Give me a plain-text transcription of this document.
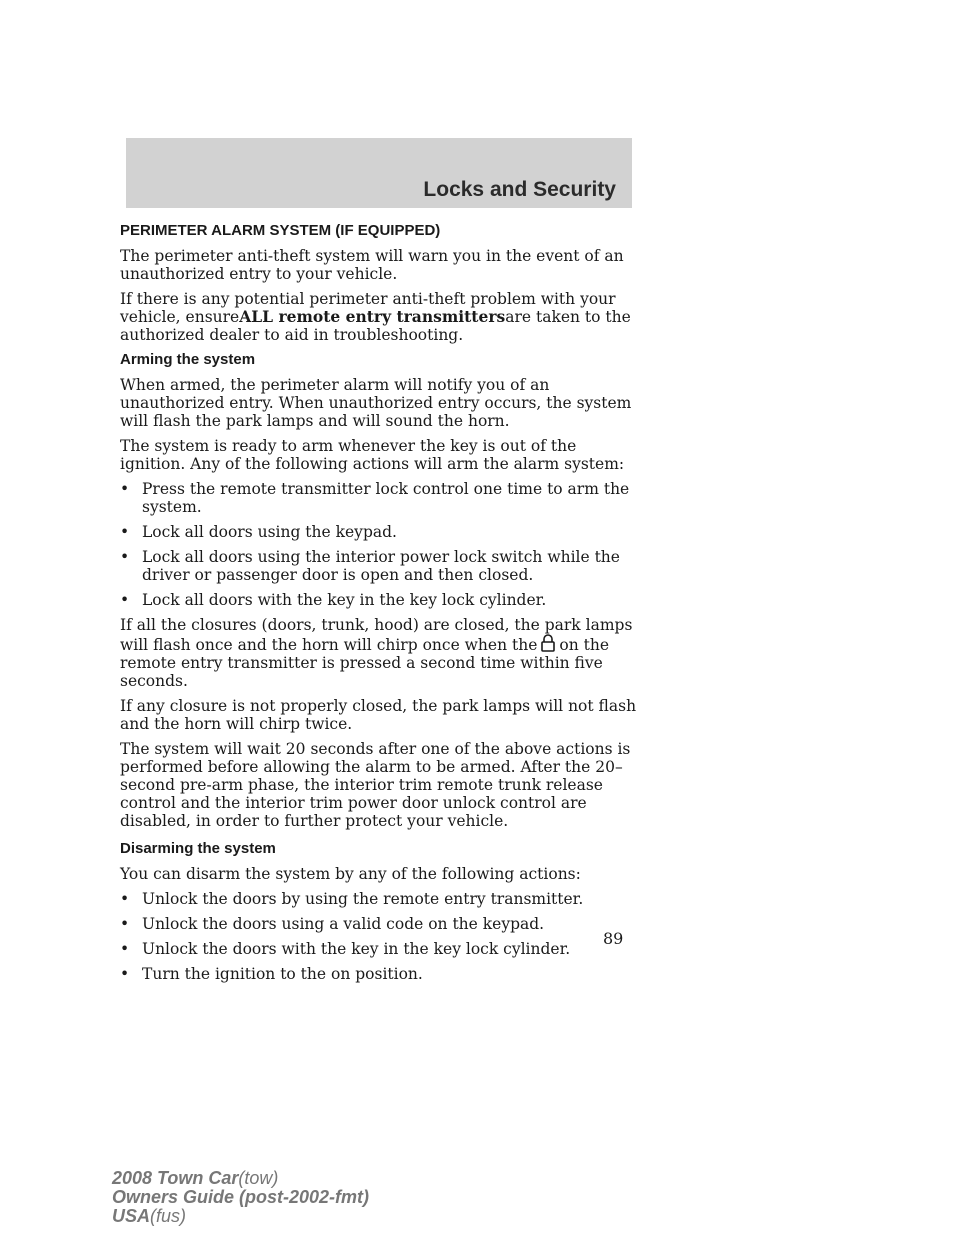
Locks and Security
PERIMETER ALARM SYSTEM (IF EQUIPPED)

The perimeter anti-theft system will warn you in the event of an unauthorized entry to your vehicle.

If there is any potential perimeter anti-theft problem with your vehicle, ensureALL remote entry transmittersare taken to the authorized dealer to aid in troubleshooting.

Arming the system

When armed, the perimeter alarm will notify you of an unauthorized entry. When unauthorized entry occurs, the system will flash the park lamps and will sound the horn.

The system is ready to arm whenever the key is out of the ignition. Any of the following actions will arm the alarm system:

• Press the remote transmitter lock control one time to arm the system.
• Lock all doors using the keypad.
• Lock all doors using the interior power lock switch while the driver or passenger door is open and then closed.
• Lock all doors with the key in the key lock cylinder.

If all the closures (doors, trunk, hood) are closed, the park lamps will flash once and the horn will chirp once when the on the remote entry transmitter is pressed a second time within five seconds.

If any closure is not properly closed, the park lamps will not flash and the horn will chirp twice.

The system will wait 20 seconds after one of the above actions is performed before allowing the alarm to be armed. After the 20–second pre-arm phase, the interior trim remote trunk release control and the interior trim power door unlock control are disabled, in order to further protect your vehicle.

Disarming the system

You can disarm the system by any of the following actions:

• Unlock the doors by using the remote entry transmitter.
• Unlock the doors using a valid code on the keypad.
• Unlock the doors with the key in the key lock cylinder.
• Turn the ignition to the on position.
89
2008 Town Car(tow)
Owners Guide (post-2002-fmt)
USA(fus)
